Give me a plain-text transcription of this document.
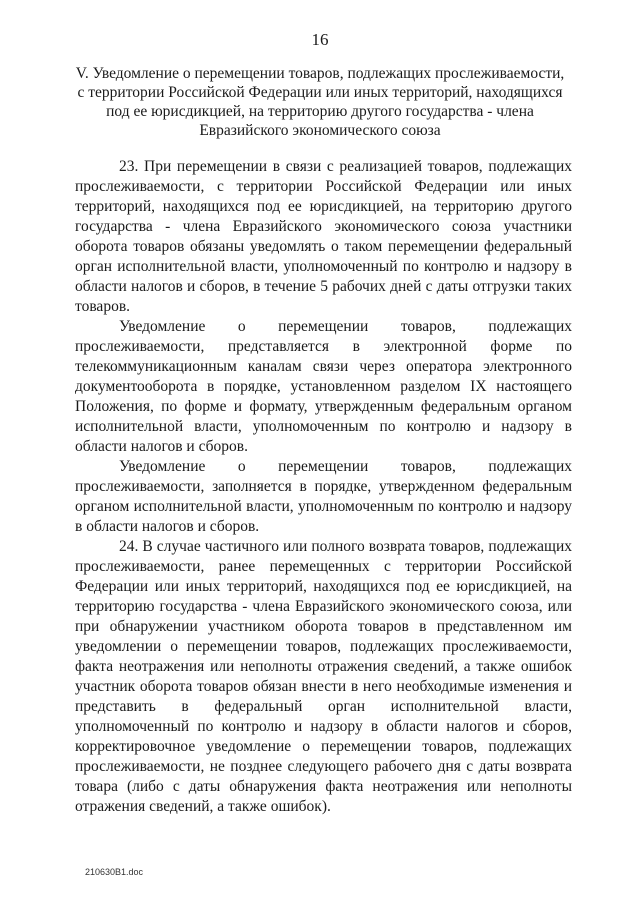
16
V. Уведомление о перемещении товаров, подлежащих прослеживаемости,
с территории Российской Федерации или иных территорий, находящихся
под ее юрисдикцией, на территорию другого государства - члена
Евразийского экономического союза

23. При перемещении в связи с реализацией товаров, подлежащих
прослеживаемости, с территории Российской Федерации или иных
территорий, находящихся под ее юрисдикцией, на территорию другого
государства - члена Евразийского экономического союза участники
оборота товаров обязаны уведомлять о таком перемещении федеральный
орган исполнительной власти, уполномоченный по контролю и надзору в
области налогов и сборов, в течение 5 рабочих дней с даты отгрузки таких
товаров.

Уведомление о перемещении товаров, подлежащих
прослеживаемости, представляется в электронной форме по
телекоммуникационным каналам связи через оператора электронного
документооборота в порядке, установленном разделом IX настоящего
Положения, по форме и формату, утвержденным федеральным органом
исполнительной власти, уполномоченным по контролю и надзору в
области налогов и сборов.

Уведомление о перемещении товаров, подлежащих
прослеживаемости, заполняется в порядке, утвержденном федеральным
органом исполнительной власти, уполномоченным по контролю и надзору
в области налогов и сборов.

24. В случае частичного или полного возврата товаров, подлежащих
прослеживаемости, ранее перемещенных с территории Российской
Федерации или иных территорий, находящихся под ее юрисдикцией, на
территорию государства - члена Евразийского экономического союза, или
при обнаружении участником оборота товаров в представленном им
уведомлении о перемещении товаров, подлежащих прослеживаемости,
факта неотражения или неполноты отражения сведений, а также ошибок
участник оборота товаров обязан внести в него необходимые изменения и
представить в федеральный орган исполнительной власти,
уполномоченный по контролю и надзору в области налогов и сборов,
корректировочное уведомление о перемещении товаров, подлежащих
прослеживаемости, не позднее следующего рабочего дня с даты возврата
товара (либо с даты обнаружения факта неотражения или неполноты
отражения сведений, а также ошибок).

210630B1.doc
